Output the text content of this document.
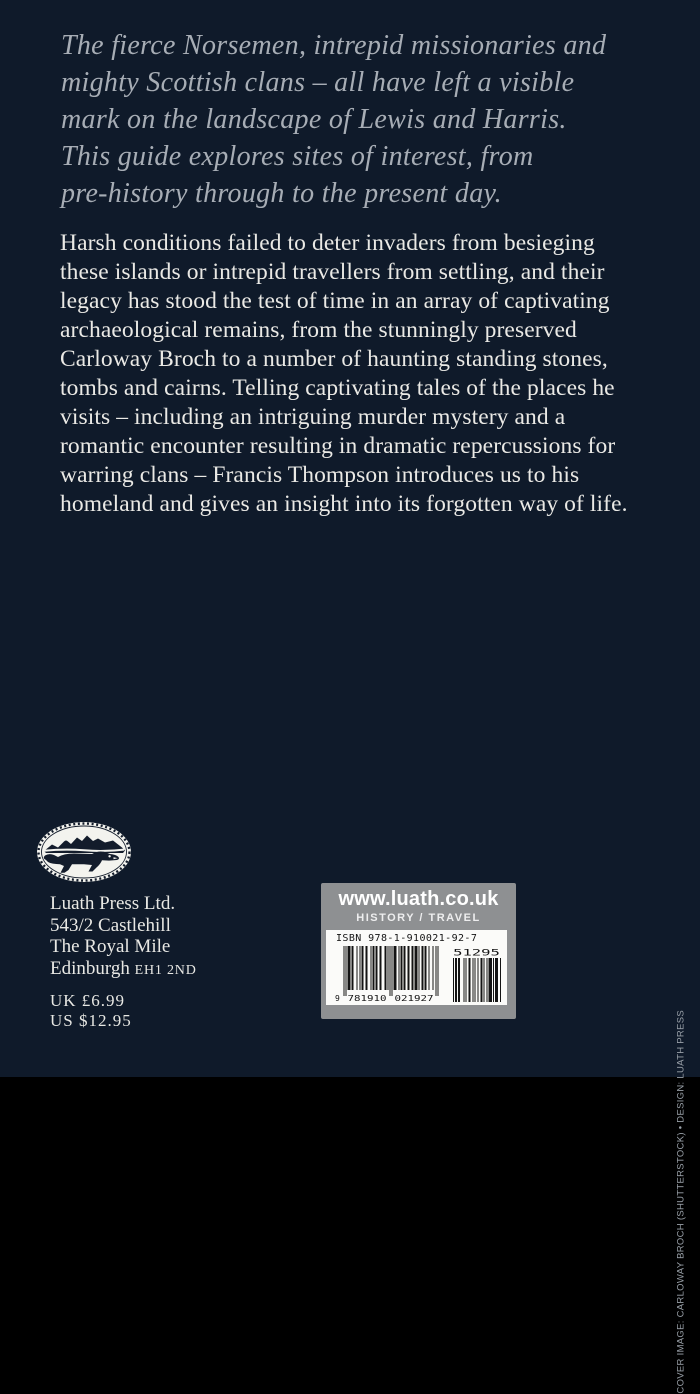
The fierce Norsemen, intrepid missionaries and
mighty Scottish clans – all have left a visible
mark on the landscape of Lewis and Harris.
This guide explores sites of interest, from
pre-history through to the present day.
Harsh conditions failed to deter invaders from besieging
these islands or intrepid travellers from settling, and their
legacy has stood the test of time in an array of captivating
archaeological remains, from the stunningly preserved
Carloway Broch to a number of haunting standing stones,
tombs and cairns. Telling captivating tales of the places he
visits – including an intriguing murder mystery and a
romantic encounter resulting in dramatic repercussions for
warring clans – Francis Thompson introduces us to his
homeland and gives an insight into its forgotten way of life.
Luath Press Ltd.
543/2 Castlehill
The Royal Mile
Edinburgh EH1 2ND
UK £6.99
US $12.95
www.luath.co.uk
HISTORY / TRAVEL
ISBN 978-1-910021-92-7
9 781910 021927
51295
COVER IMAGE: CARLOWAY BROCH (SHUTTERSTOCK) • DESIGN: LUATH PRESS
